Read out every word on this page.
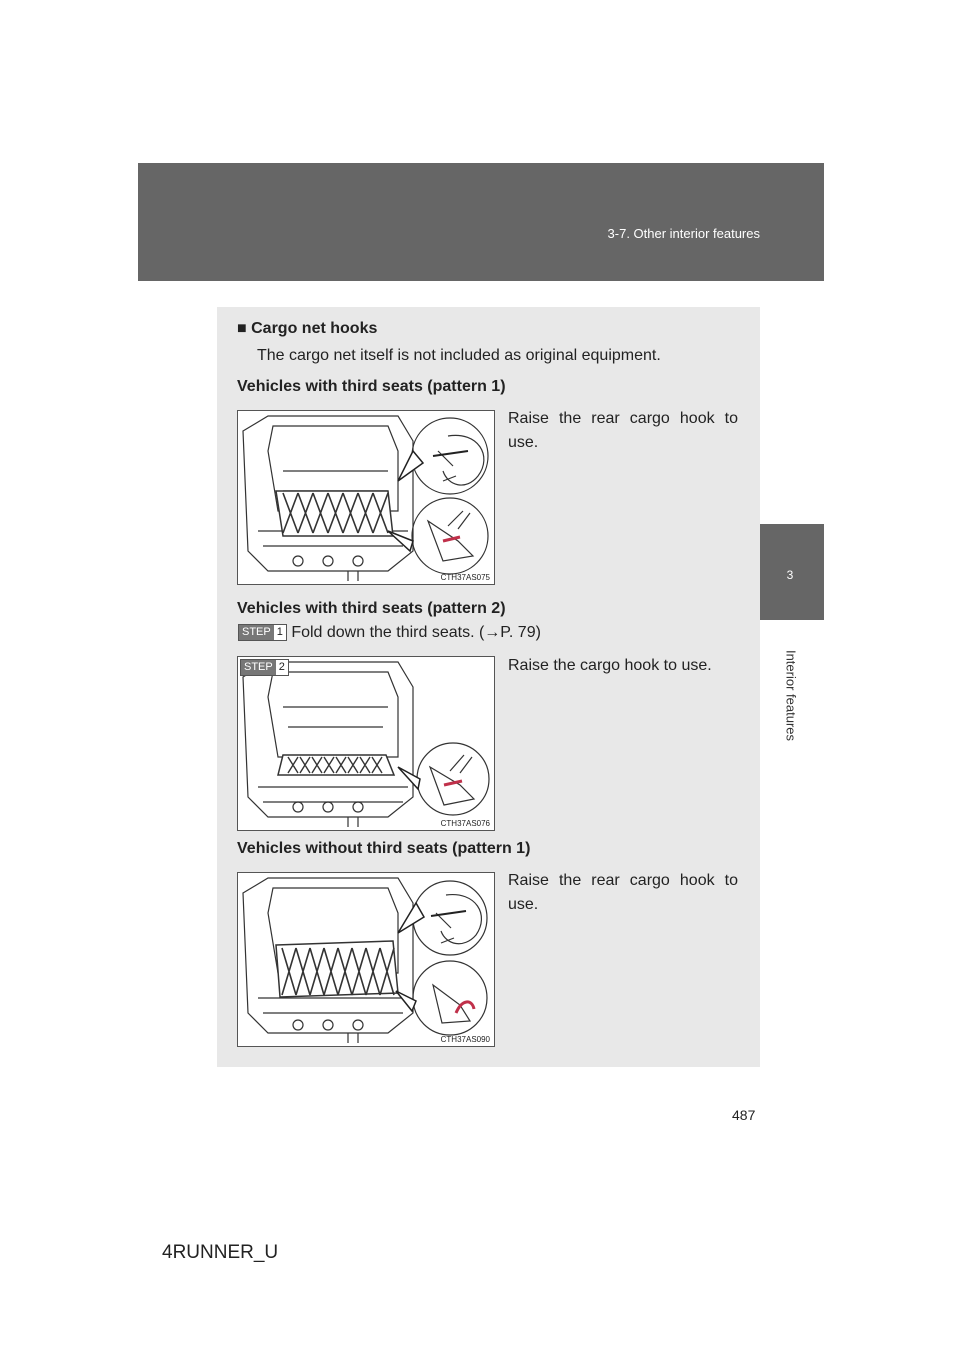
3-7. Other interior features
3
Interior features
■ Cargo net hooks
The cargo net itself is not included as original equipment.
Vehicles with third seats (pattern 1)
CTH37AS075
Raise the rear cargo hook to use.
Vehicles with third seats (pattern 2)
STEP 1 Fold down the third seats. (→P. 79)
STEP 2
CTH37AS076
Raise the cargo hook to use.
Vehicles without third seats (pattern 1)
CTH37AS090
Raise the rear cargo hook to use.
487
4RUNNER_U
